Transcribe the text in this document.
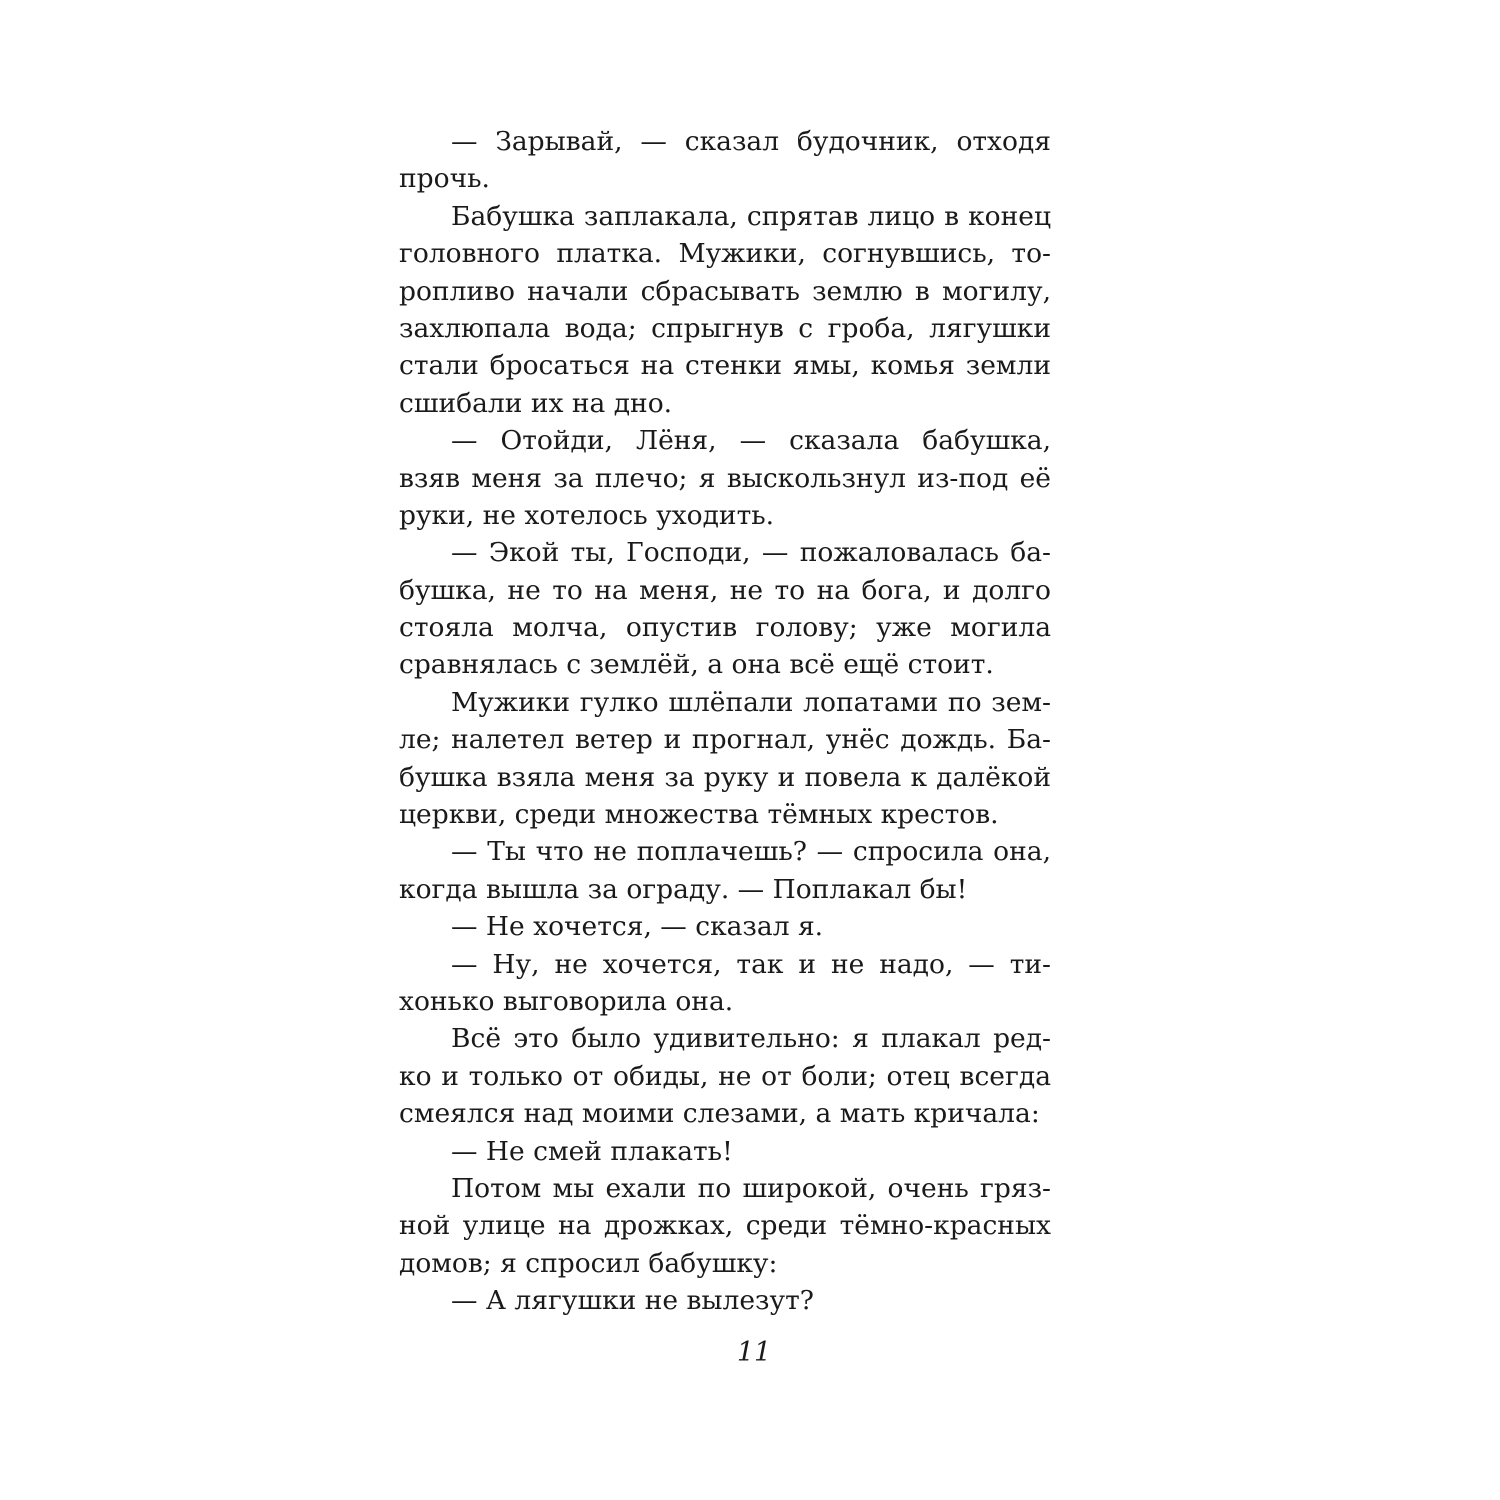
— Зарывай, — сказал будочник, отходя
прочь.
Бабушка заплакала, спрятав лицо в конец
головного платка. Мужики, согнувшись, то-
ропливо начали сбрасывать землю в могилу,
захлюпала вода; спрыгнув с гроба, лягушки
стали бросаться на стенки ямы, комья земли
сшибали их на дно.
— Отойди, Лёня, — сказала бабушка,
взяв меня за плечо; я выскользнул из-под её
руки, не хотелось уходить.
— Экой ты, Господи, — пожаловалась ба-
бушка, не то на меня, не то на бога, и долго
стояла молча, опустив голову; уже могила
сравнялась с землёй, а она всё ещё стоит.
Мужики гулко шлёпали лопатами по зем-
ле; налетел ветер и прогнал, унёс дождь. Ба-
бушка взяла меня за руку и повела к далёкой
церкви, среди множества тёмных крестов.
— Ты что не поплачешь? — спросила она,
когда вышла за ограду. — Поплакал бы!
— Не хочется, — сказал я.
— Ну, не хочется, так и не надо, — ти-
хонько выговорила она.
Всё это было удивительно: я плакал ред-
ко и только от обиды, не от боли; отец всегда
смеялся над моими слезами, а мать кричала:
— Не смей плакать!
Потом мы ехали по широкой, очень гряз-
ной улице на дрожках, среди тёмно-красных
домов; я спросил бабушку:
— А лягушки не вылезут?
11
